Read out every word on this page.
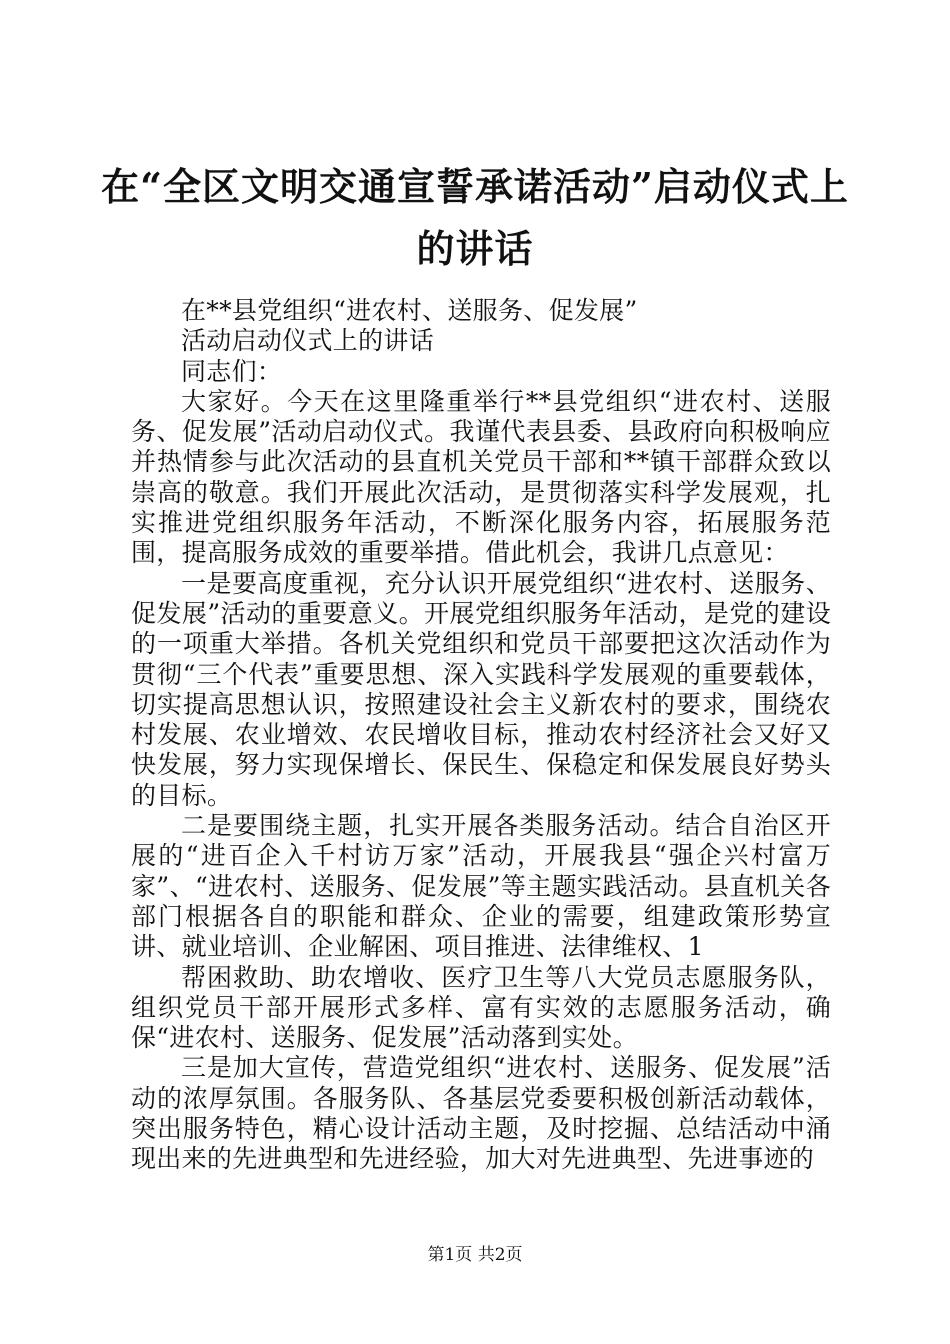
在“全区文明交通宣誓承诺活动”启动仪式上
的讲话

在**县党组织“进农村、送服务、促发展”

活动启动仪式上的讲话

同志们：

大家好。今天在这里隆重举行**县党组织“进农村、送服务、促发展”活动启动仪式。我谨代表县委、县政府向积极响应并热情参与此次活动的县直机关党员干部和**镇干部群众致以崇高的敬意。我们开展此次活动，是贯彻落实科学发展观，扎实推进党组织服务年活动，不断深化服务内容，拓展服务范围，提高服务成效的重要举措。借此机会，我讲几点意见：

一是要高度重视，充分认识开展党组织“进农村、送服务、促发展”活动的重要意义。开展党组织服务年活动，是党的建设的一项重大举措。各机关党组织和党员干部要把这次活动作为贯彻“三个代表”重要思想、深入实践科学发展观的重要载体，切实提高思想认识，按照建设社会主义新农村的要求，围绕农村发展、农业增效、农民增收目标，推动农村经济社会又好又快发展，努力实现保增长、保民生、保稳定和保发展良好势头的目标。

二是要围绕主题，扎实开展各类服务活动。结合自治区开展的“进百企入千村访万家”活动，开展我县“强企兴村富万家”、“进农村、送服务、促发展”等主题实践活动。县直机关各部门根据各自的职能和群众、企业的需要，组建政策形势宣讲、就业培训、企业解困、项目推进、法律维权、1

帮困救助、助农增收、医疗卫生等八大党员志愿服务队，组织党员干部开展形式多样、富有实效的志愿服务活动，确保“进农村、送服务、促发展”活动落到实处。

三是加大宣传，营造党组织“进农村、送服务、促发展”活动的浓厚氛围。各服务队、各基层党委要积极创新活动载体，突出服务特色，精心设计活动主题，及时挖掘、总结活动中涌现出来的先进典型和先进经验，加大对先进典型、先进事迹的

第1页 共2页
